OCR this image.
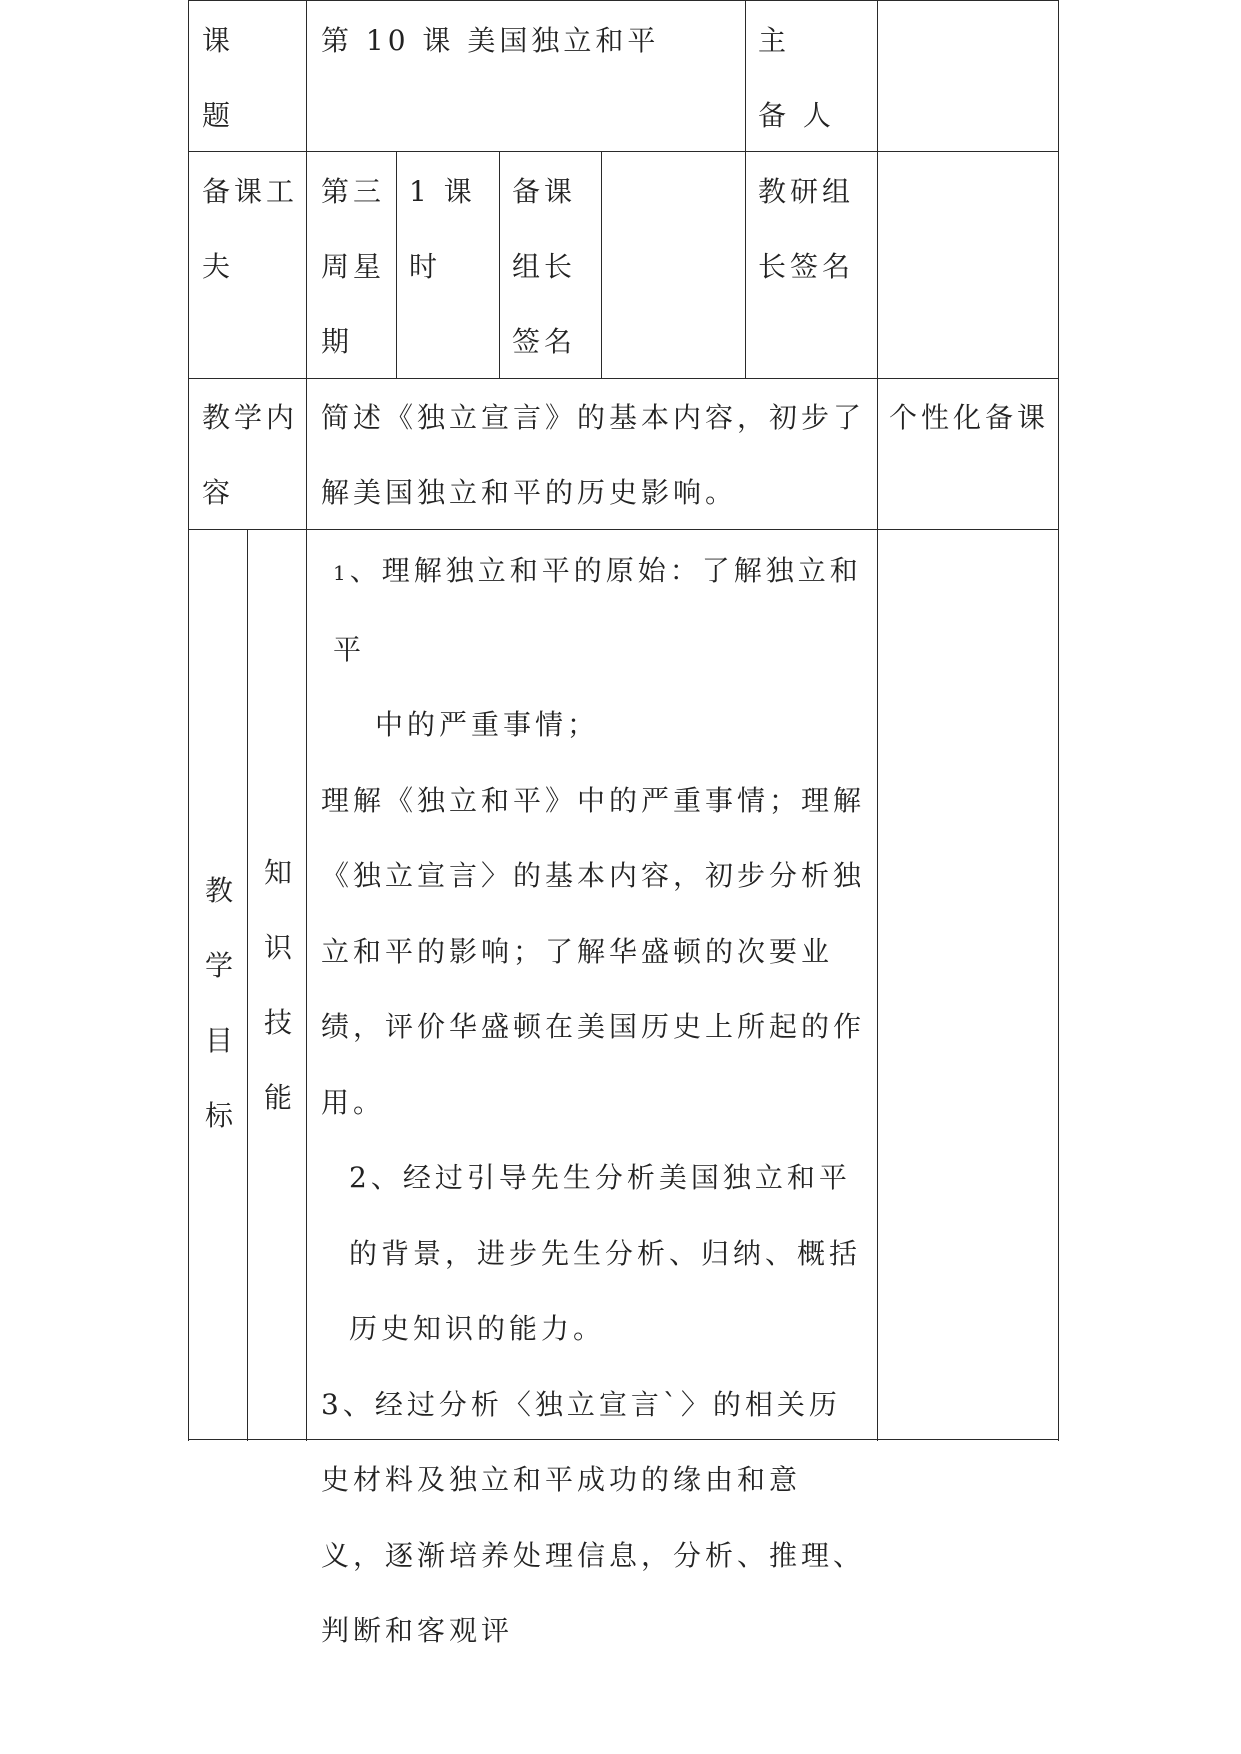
课
题
第 10 课 美国独立和平	主
备 人
备课工
夫
第三
周星
期
1 课
时
备课
组长
签名
教研组
长签名
教学内
容
简述《独立宣言》的基本内容，初步了解美国独立和平的历史影响。
个性化备课
教
学
目
标
知
识
技
能
1、理解独立和平的原始：了解独立和平
中的严重事情；
理解《独立和平》中的严重事情；理解《独立宣言〉的基本内容，初步分析独立和平的影响；了解华盛顿的次要业绩，评价华盛顿在美国历史上所起的作用。
2、经过引导先生分析美国独立和平的背景，进步先生分析、归纳、概括历史知识的能力。
3、经过分析〈独立宣言`〉的相关历史材料及独立和平成功的缘由和意 义，逐渐培养处理信息，分析、推理、判断和客观评
